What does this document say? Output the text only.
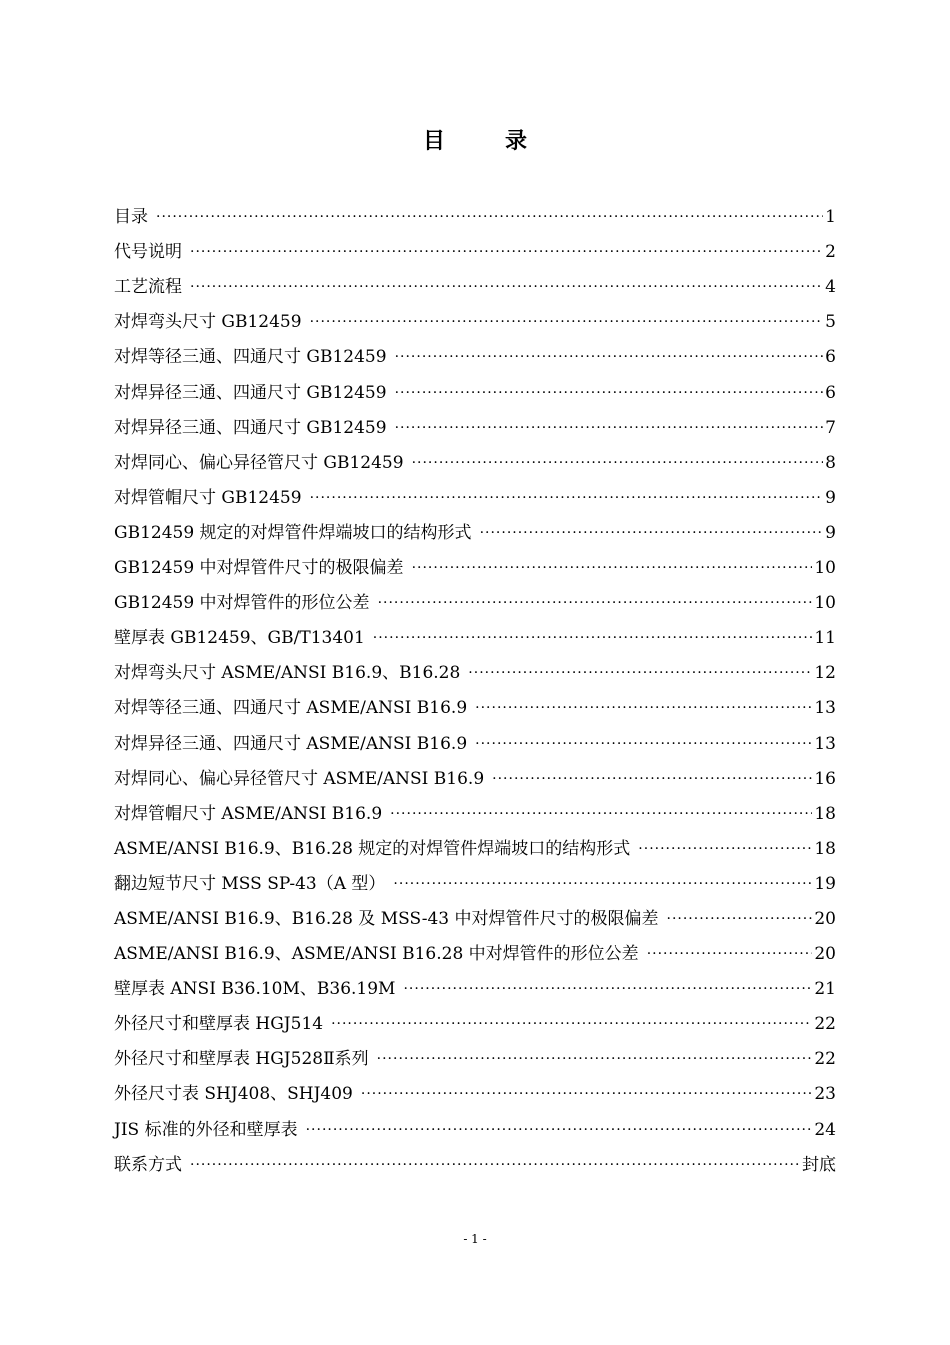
目	录
目录 ·····	1
代号说明 ·····	2
工艺流程 ·····	4
对焊弯头尺寸 GB12459 ·····	5
对焊等径三通、四通尺寸 GB12459 ·····	6
对焊异径三通、四通尺寸 GB12459 ·····	6
对焊异径三通、四通尺寸 GB12459 ·····	7
对焊同心、偏心异径管尺寸 GB12459 ·····	8
对焊管帽尺寸 GB12459 ·····	9
GB12459 规定的对焊管件焊端坡口的结构形式 ·····	9
GB12459 中对焊管件尺寸的极限偏差 ·····	10
GB12459 中对焊管件的形位公差 ·····	10
壁厚表 GB12459、GB/T13401 ·····	11
对焊弯头尺寸 ASME/ANSI B16.9、B16.28 ·····	12
对焊等径三通、四通尺寸 ASME/ANSI B16.9 ·····	13
对焊异径三通、四通尺寸 ASME/ANSI B16.9 ·····	13
对焊同心、偏心异径管尺寸 ASME/ANSI B16.9 ·····	16
对焊管帽尺寸 ASME/ANSI B16.9 ·····	18
ASME/ANSI B16.9、B16.28 规定的对焊管件焊端坡口的结构形式 ·····	18
翻边短节尺寸 MSS SP-43（A 型） ·····	19
ASME/ANSI B16.9、B16.28 及 MSS-43 中对焊管件尺寸的极限偏差 ·····	20
ASME/ANSI B16.9、ASME/ANSI B16.28 中对焊管件的形位公差 ·····	20
壁厚表 ANSI B36.10M、B36.19M ·····	21
外径尺寸和壁厚表 HGJ514 ·····	22
外径尺寸和壁厚表 HGJ528Ⅱ系列 ·····	22
外径尺寸表 SHJ408、SHJ409 ·····	23
JIS 标准的外径和壁厚表 ·····	24
联系方式 ·····	封底
- 1 -
